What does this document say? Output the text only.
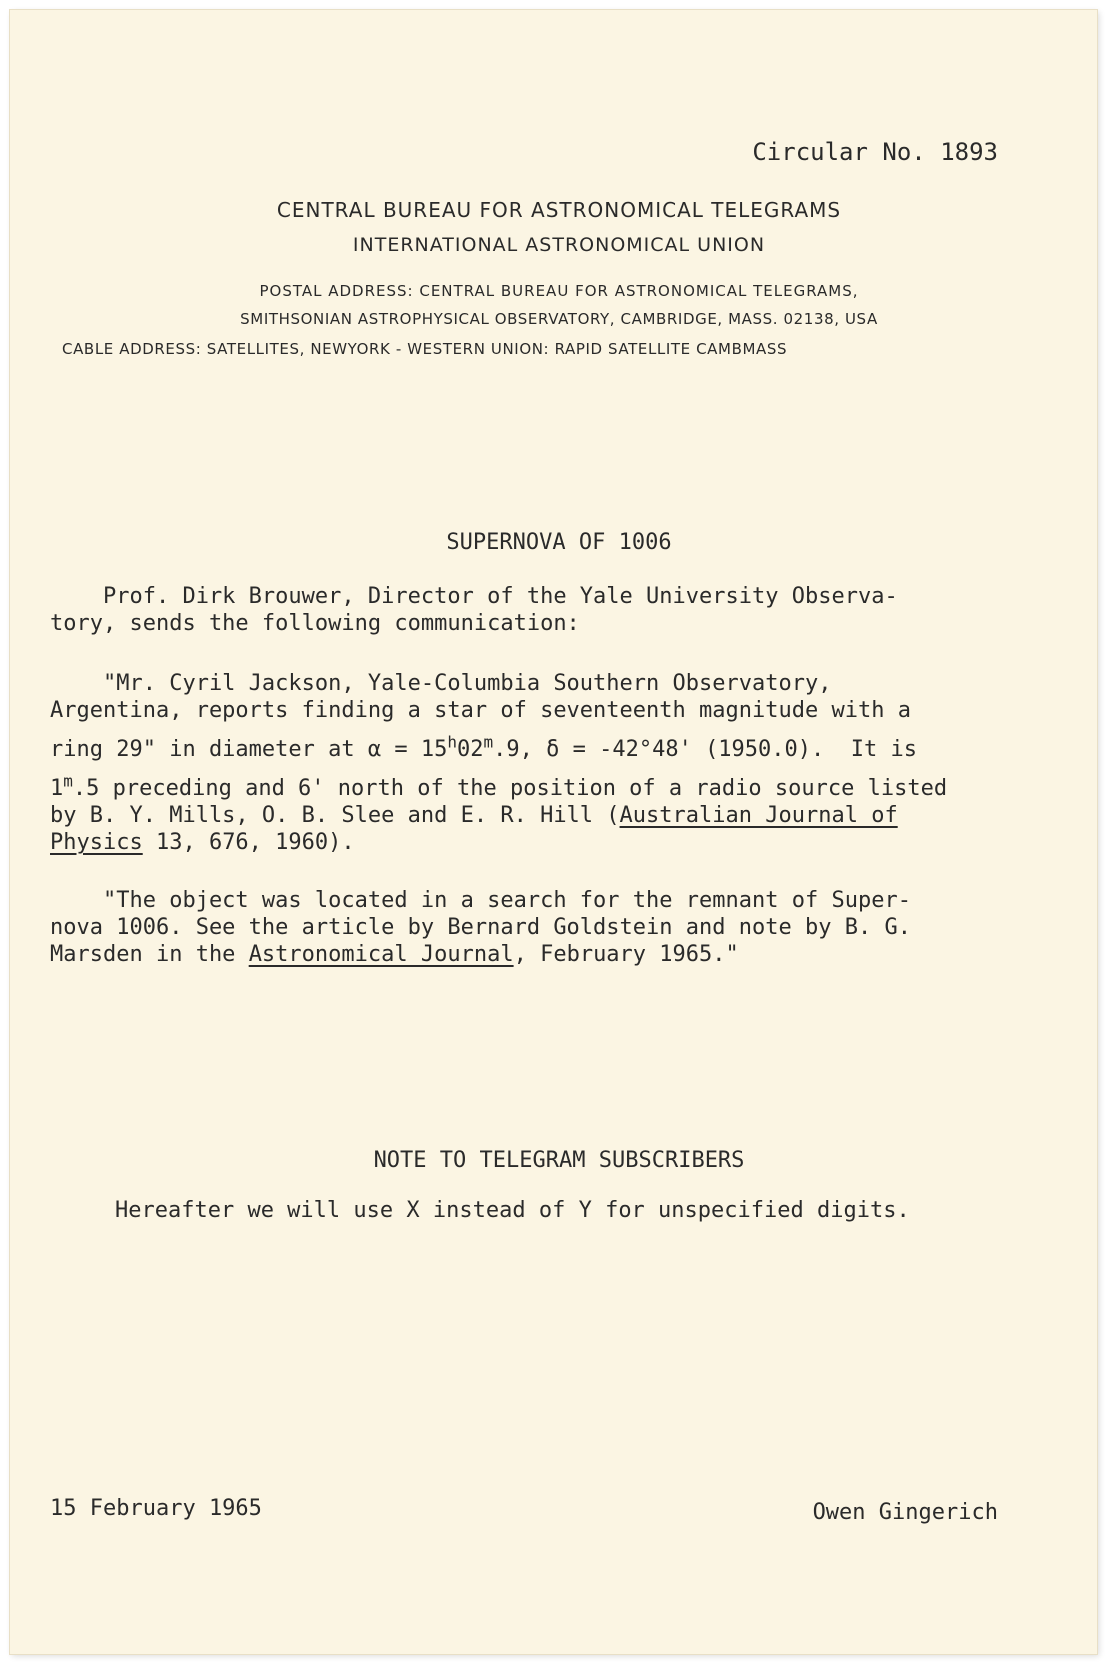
Circular No. 1893
CENTRAL BUREAU FOR ASTRONOMICAL TELEGRAMS
INTERNATIONAL ASTRONOMICAL UNION
POSTAL ADDRESS: CENTRAL BUREAU FOR ASTRONOMICAL TELEGRAMS,
SMITHSONIAN ASTROPHYSICAL OBSERVATORY, CAMBRIDGE, MASS. 02138, USA
CABLE ADDRESS: SATELLITES, NEWYORK - WESTERN UNION: RAPID SATELLITE CAMBMASS
SUPERNOVA OF 1006

Prof. Dirk Brouwer, Director of the Yale University Observa-

tory, sends the following communication:

"Mr. Cyril Jackson, Yale-Columbia Southern Observatory,

Argentina, reports finding a star of seventeenth magnitude with a

ring 29" in diameter at $\alpha = 15^h02^m.9$, δ = -42°48' (1950.0).  It is

1$^m$.5 preceding and 6' north of the position of a radio source listed

by B. Y. Mills, O. B. Slee and E. R. Hill (Australian Journal of

Physics 13, 676, 1960).

"The object was located in a search for the remnant of Super-

nova 1006. See the article by Bernard Goldstein and note by B. G.

Marsden in the Astronomical Journal, February 1965."

NOTE TO TELEGRAM SUBSCRIBERS
Hereafter we will use X instead of Y for unspecified digits.
15 February 1965	Owen Gingerich
